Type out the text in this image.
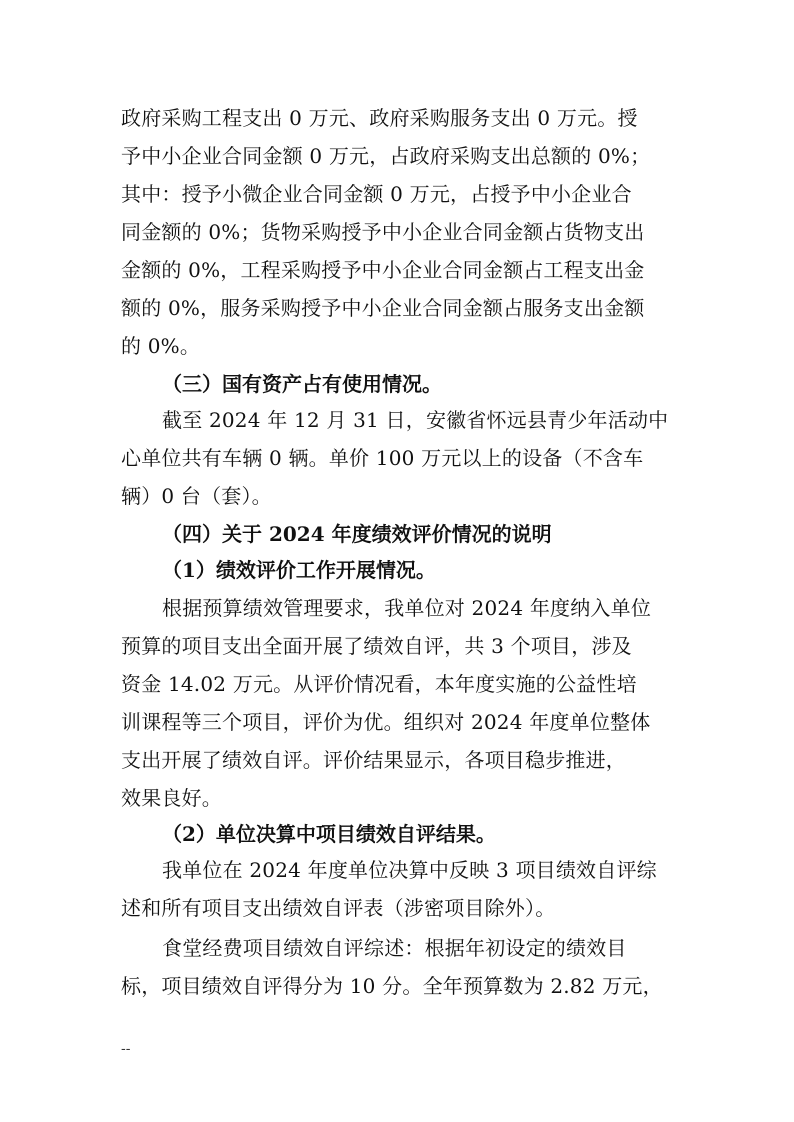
政府采购工程支出 0 万元、政府采购服务支出 0 万元。授
予中小企业合同金额 0 万元，占政府采购支出总额的 0%；
其中：授予小微企业合同金额 0 万元，占授予中小企业合
同金额的 0%；货物采购授予中小企业合同金额占货物支出
金额的 0%，工程采购授予中小企业合同金额占工程支出金
额的 0%，服务采购授予中小企业合同金额占服务支出金额
的 0%。
（三）国有资产占有使用情况。
截至 2024 年 12 月 31 日，安徽省怀远县青少年活动中
心单位共有车辆 0 辆。单价 100 万元以上的设备（不含车
辆）0 台（套）。
（四）关于 2024 年度绩效评价情况的说明
（1）绩效评价工作开展情况。
根据预算绩效管理要求，我单位对 2024 年度纳入单位
预算的项目支出全面开展了绩效自评，共 3 个项目，涉及
资金 14.02 万元。从评价情况看，本年度实施的公益性培
训课程等三个项目，评价为优。组织对 2024 年度单位整体
支出开展了绩效自评。评价结果显示，各项目稳步推进，
效果良好。
（2）单位决算中项目绩效自评结果。
我单位在 2024 年度单位决算中反映 3 项目绩效自评综
述和所有项目支出绩效自评表（涉密项目除外）。
食堂经费项目绩效自评综述：根据年初设定的绩效目
标，项目绩效自评得分为 10 分。全年预算数为 2.82 万元，
--
